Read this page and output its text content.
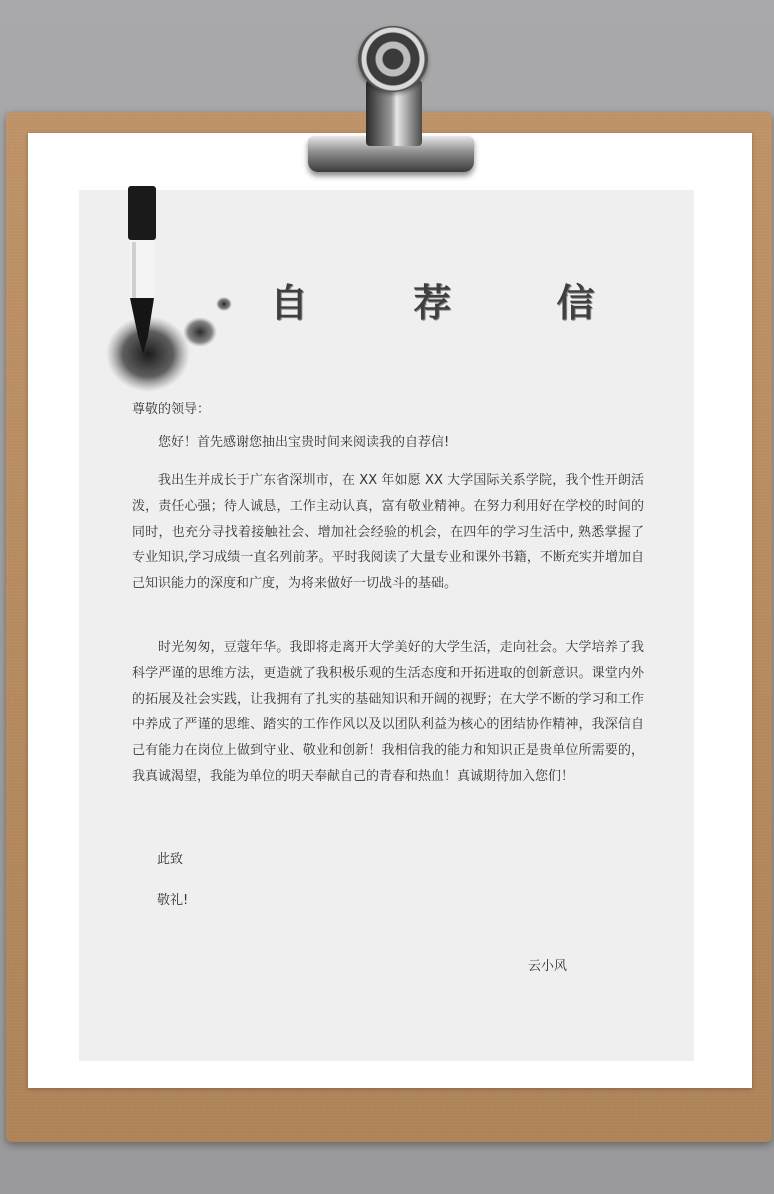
自 荐 信
尊敬的领导：

您好！首先感谢您抽出宝贵时间来阅读我的自荐信!

我出生并成长于广东省深圳市，在 XX 年如愿 XX 大学国际关系学院，我个性开朗活泼，责任心强；待人诚恳，工作主动认真，富有敬业精神。在努力利用好在学校的时间的同时，也充分寻找着接触社会、增加社会经验的机会，在四年的学习生活中, 熟悉掌握了专业知识,学习成绩一直名列前茅。平时我阅读了大量专业和课外书籍，不断充实并增加自己知识能力的深度和广度，为将来做好一切战斗的基础。

时光匆匆，豆蔻年华。我即将走离开大学美好的大学生活，走向社会。大学培养了我科学严谨的思维方法，更造就了我积极乐观的生活态度和开拓进取的创新意识。课堂内外的拓展及社会实践，让我拥有了扎实的基础知识和开阔的视野；在大学不断的学习和工作中养成了严谨的思维、踏实的工作作风以及以团队利益为核心的团结协作精神，我深信自己有能力在岗位上做到守业、敬业和创新！我相信我的能力和知识正是贵单位所需要的，我真诚渴望，我能为单位的明天奉献自己的青春和热血！真诚期待加入您们！

此致
敬礼!
云小风
